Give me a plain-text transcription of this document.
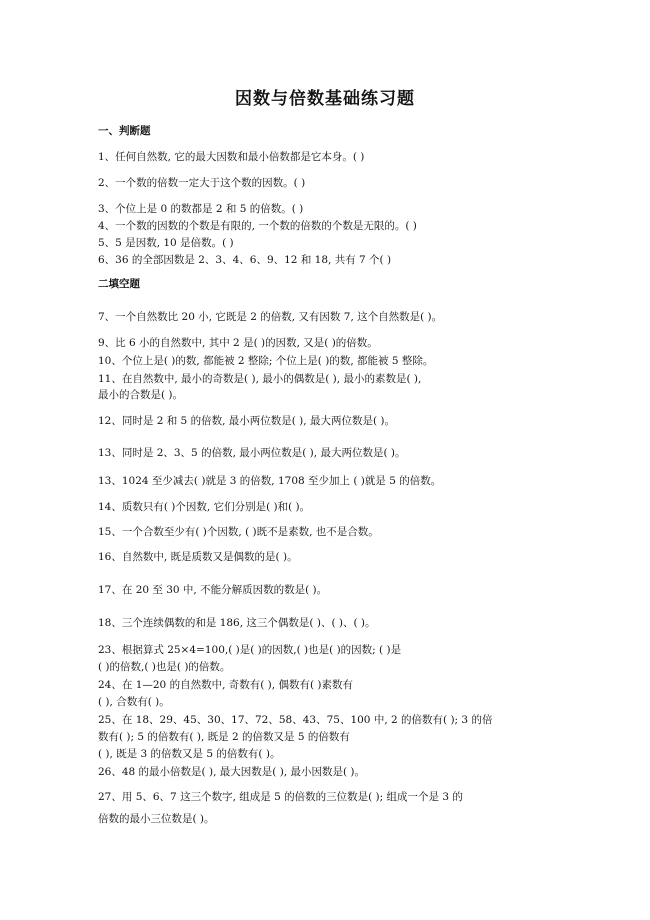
因数与倍数基础练习题
一、判断题
1、任何自然数, 它的最大因数和最小倍数都是它本身。( )
2、一个数的倍数一定大于这个数的因数。( )
3、个位上是 0 的数都是 2 和 5 的倍数。( )
4、一个数的因数的个数是有限的, 一个数的倍数的个数是无限的。( )
5、5 是因数, 10 是倍数。( )
6、36 的全部因数是 2、3、4、6、9、12 和 18, 共有 7 个( )
二填空题
7、一个自然数比 20 小, 它既是 2 的倍数, 又有因数 7, 这个自然数是( )。
9、比 6 小的自然数中, 其中 2 是( )的因数, 又是( )的倍数。
10、个位上是( )的数, 都能被 2 整除; 个位上是( )的数, 都能被 5 整除。
11、在自然数中, 最小的奇数是( ), 最小的偶数是( ), 最小的素数是( ),
最小的合数是( )。
12、同时是 2 和 5 的倍数, 最小两位数是( ), 最大两位数是( )。
13、同时是 2、3、5 的倍数, 最小两位数是( ), 最大两位数是( )。
13、1024 至少减去( )就是 3 的倍数, 1708 至少加上 ( )就是 5 的倍数。
14、质数只有( )个因数, 它们分别是( )和( )。
15、一个合数至少有( )个因数, ( )既不是素数, 也不是合数。
16、自然数中, 既是质数又是偶数的是( )。
17、在 20 至 30 中, 不能分解质因数的数是( )。
18、三个连续偶数的和是 186, 这三个偶数是( )、( )、( )。
23、根据算式 25×4=100,( )是( )的因数,( )也是( )的因数; ( )是
( )的倍数,( )也是( )的倍数。
24、在 1—20 的自然数中, 奇数有( ), 偶数有( )素数有
( ), 合数有( )。
25、在 18、29、45、30、17、72、58、43、75、100 中, 2 的倍数有( ); 3 的倍
数有( ); 5 的倍数有( ), 既是 2 的倍数又是 5 的倍数有
( ), 既是 3 的倍数又是 5 的倍数有( )。
26、48 的最小倍数是( ), 最大因数是( ), 最小因数是( )。
27、用 5、6、7 这三个数字, 组成是 5 的倍数的三位数是( ); 组成一个是 3 的
倍数的最小三位数是( )。
